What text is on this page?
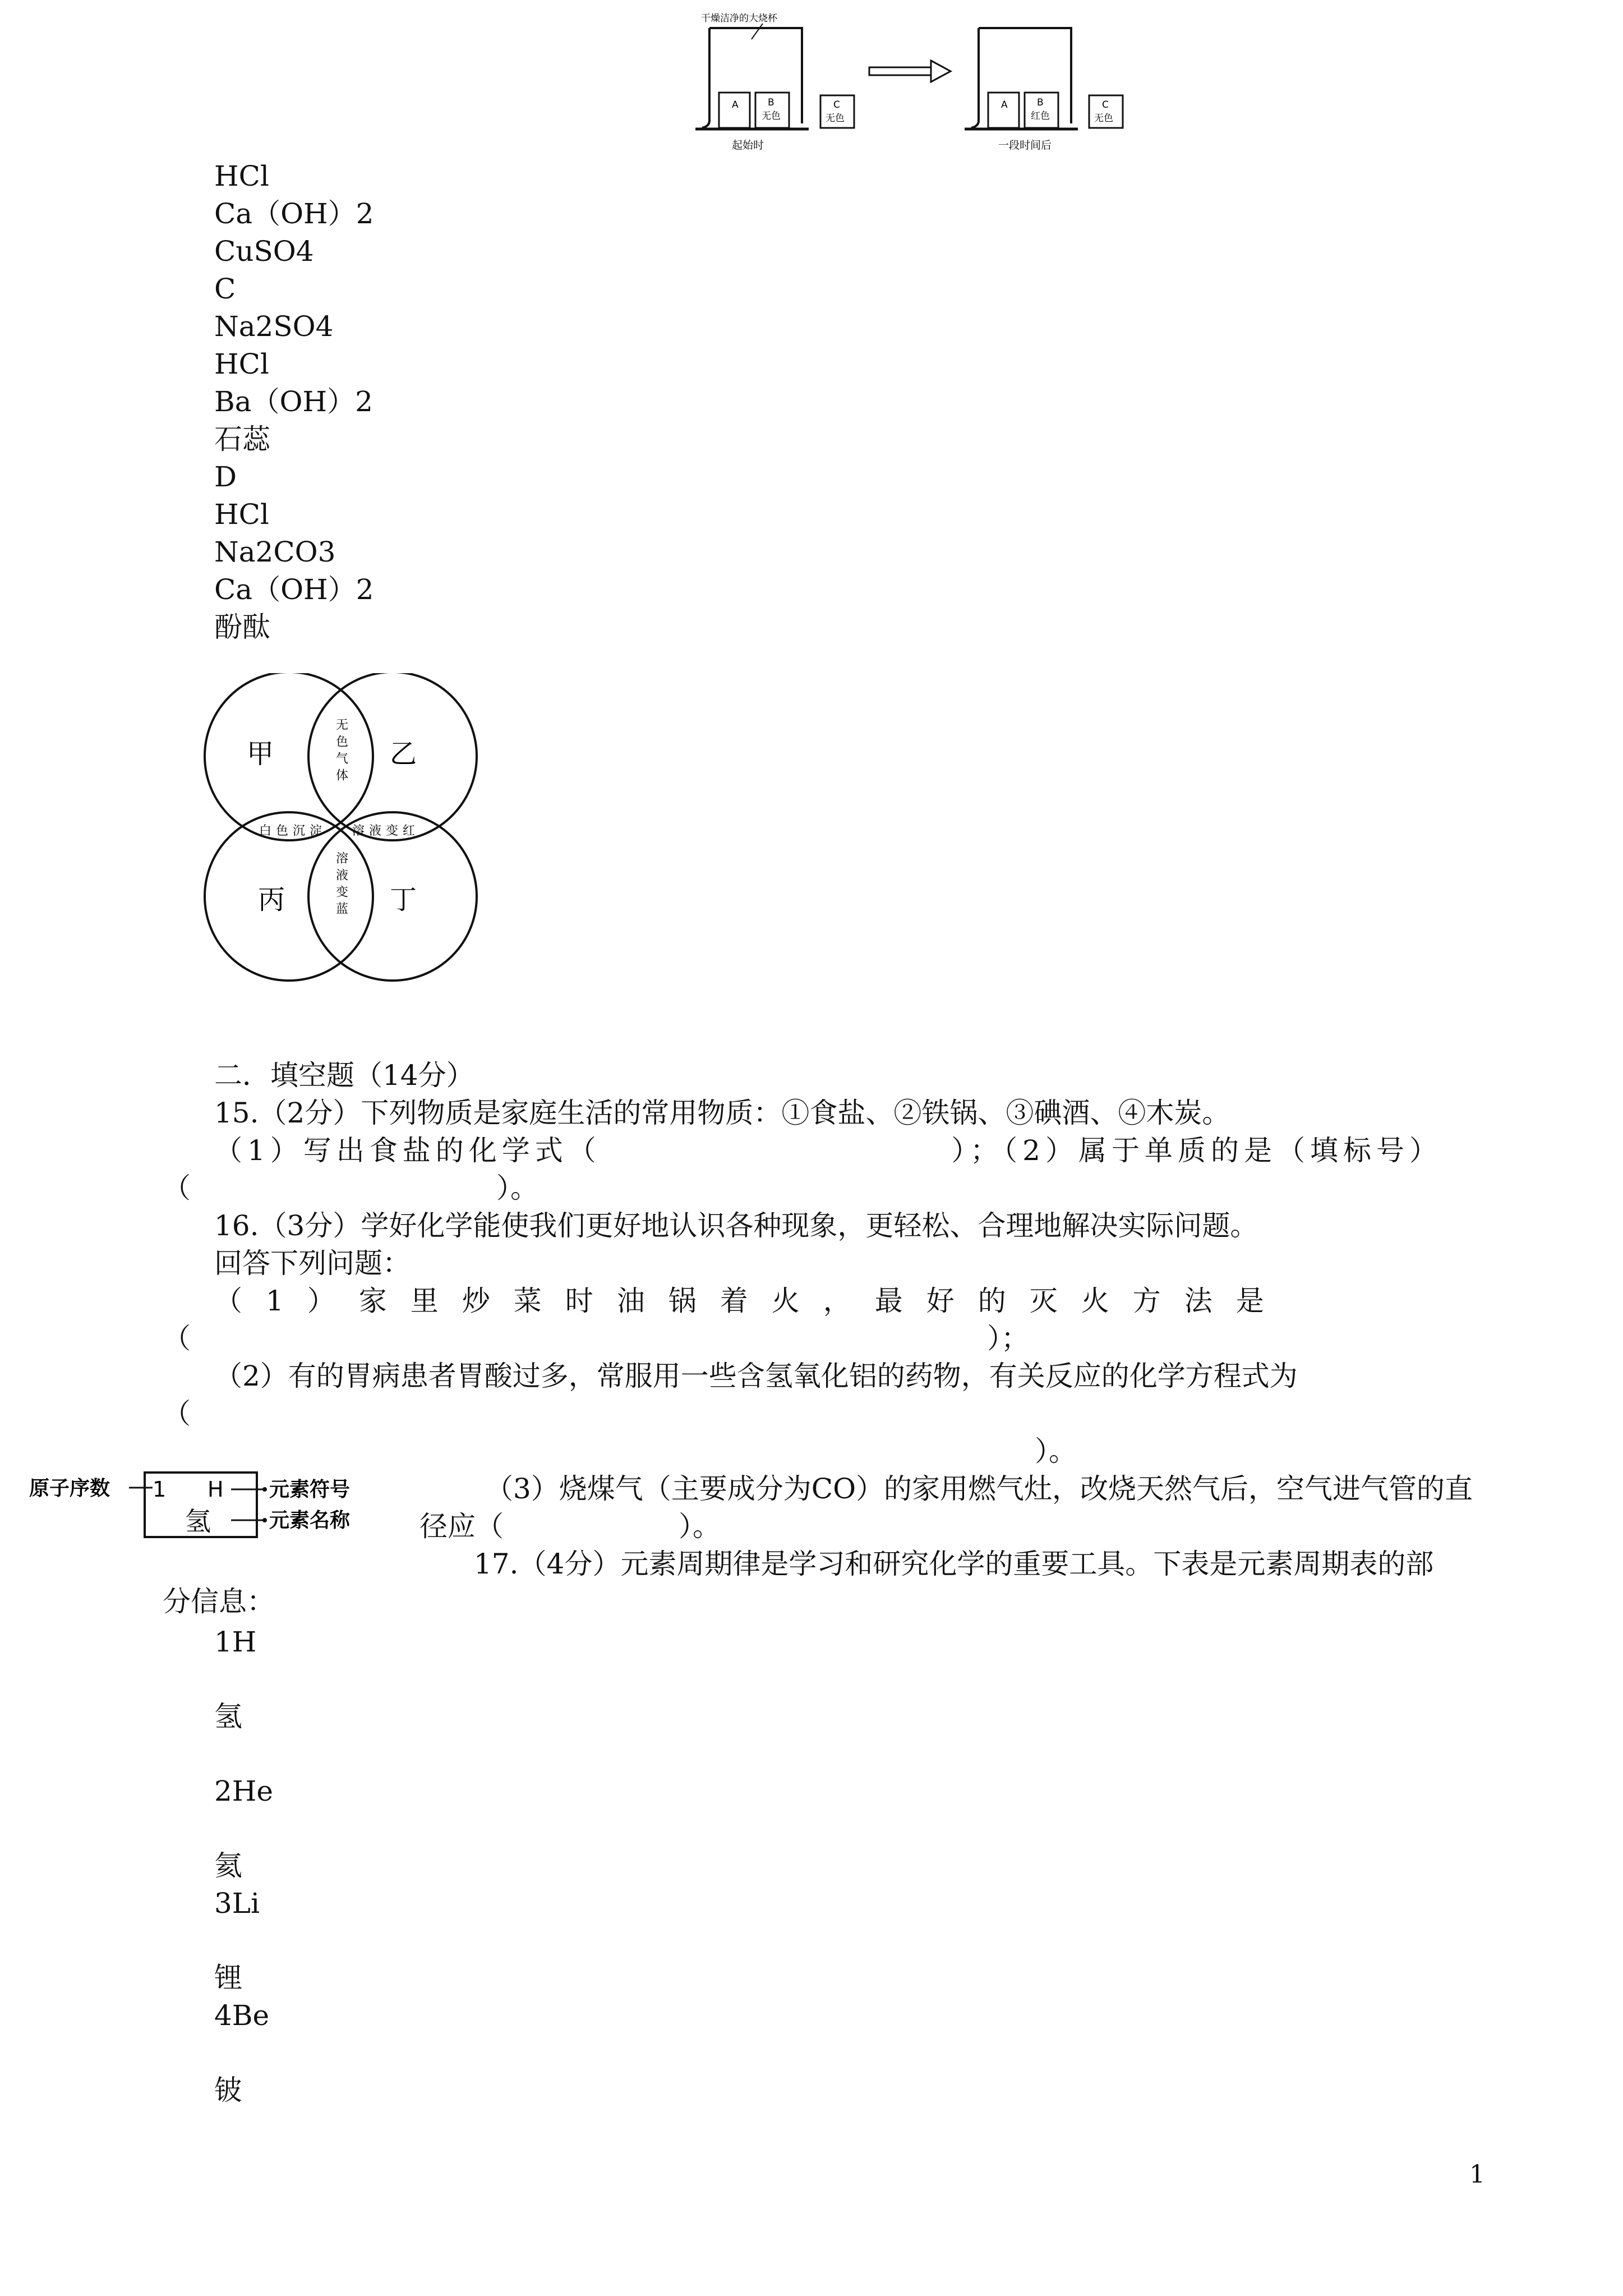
干燥洁净的大烧杯
A	B
无色
C
无色
起始时
A	B
红色
C
无色
一段时间后
HCl
Ca（OH）2
CuSO4
C
Na2SO4
HCl
Ba（OH）2
石蕊
D
HCl
Na2CO3
Ca（OH）2
酚酞
甲	乙
丙	丁
无色气体
白色沉淀 溶液变红
溶液变蓝
二．填空题（14分）
15.（2分）下列物质是家庭生活的常用物质：①食盐、②铁锅、③碘酒、④木炭。
（1）写出食盐的化学式（	）；（2）属于单质的是（填标号）
（	）。
16.（3分）学好化学能使我们更好地认识各种现象，更轻松、合理地解决实际问题。
回答下列问题：
（1）家里炒菜时油锅着火，最好的灭火方法是
（	）；
（2）有的胃病患者胃酸过多，常服用一些含氢氧化铝的药物，有关反应的化学方程式为
（
）。
原子序数 1 H
氢
元素符号
元素名称
（3）烧煤气（主要成分为CO）的家用燃气灶，改烧天然气后，空气进气管的直
径应（	）。
17.（4分）元素周期律是学习和研究化学的重要工具。下表是元素周期表的部
分信息：
1H
氢
2He
氦
3Li
锂
4Be
铍
1
